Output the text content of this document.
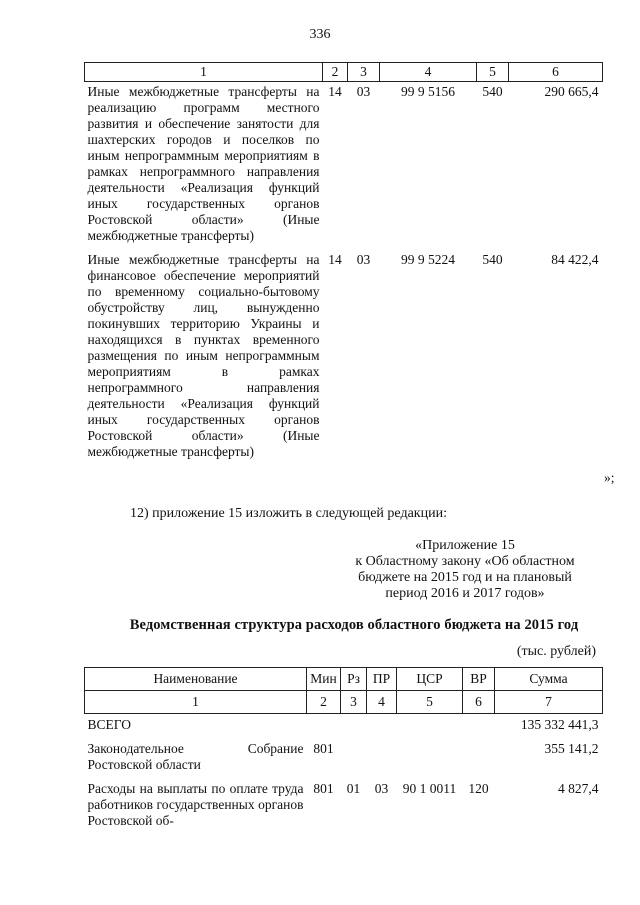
336
1	2	3	4	5	6
Иные межбюджетные трансферты на реализацию программ местного развития и обеспечение занятости для шахтерских городов и поселков по иным непрограммным мероприятиям в рамках непрограммного направления деятельности «Реализация функций иных государственных органов Ростовской области» (Иные межбюджетные трансферты)	14	03	99 9 5156	540	290 665,4
Иные межбюджетные трансферты на финансовое обеспечение мероприятий по временному социально-бытовому обустройству лиц, вынужденно покинувших территорию Украины и находящихся в пунктах временного размещения по иным непрограммным мероприятиям в рамках непрограммного направления деятельности «Реализация функций иных государственных органов Ростовской области» (Иные межбюджетные трансферты)	14	03	99 9 5224	540	84 422,4
»;
12) приложение 15 изложить в следующей редакции:
«Приложение 15
к Областному закону «Об областном
бюджете на 2015 год и на плановый
период 2016 и 2017 годов»
Ведомственная структура расходов областного бюджета на 2015 год
(тыс. рублей)
Наименование	Мин	Рз	ПР	ЦСР	ВР	Сумма
1	2	3	4	5	6	7
ВСЕГО						135 332 441,3
Законодательное Собрание Ростовской области	801					355 141,2
Расходы на выплаты по оплате труда работников государственных органов Ростовской об-	801	01	03	90 1 0011	120	4 827,4
